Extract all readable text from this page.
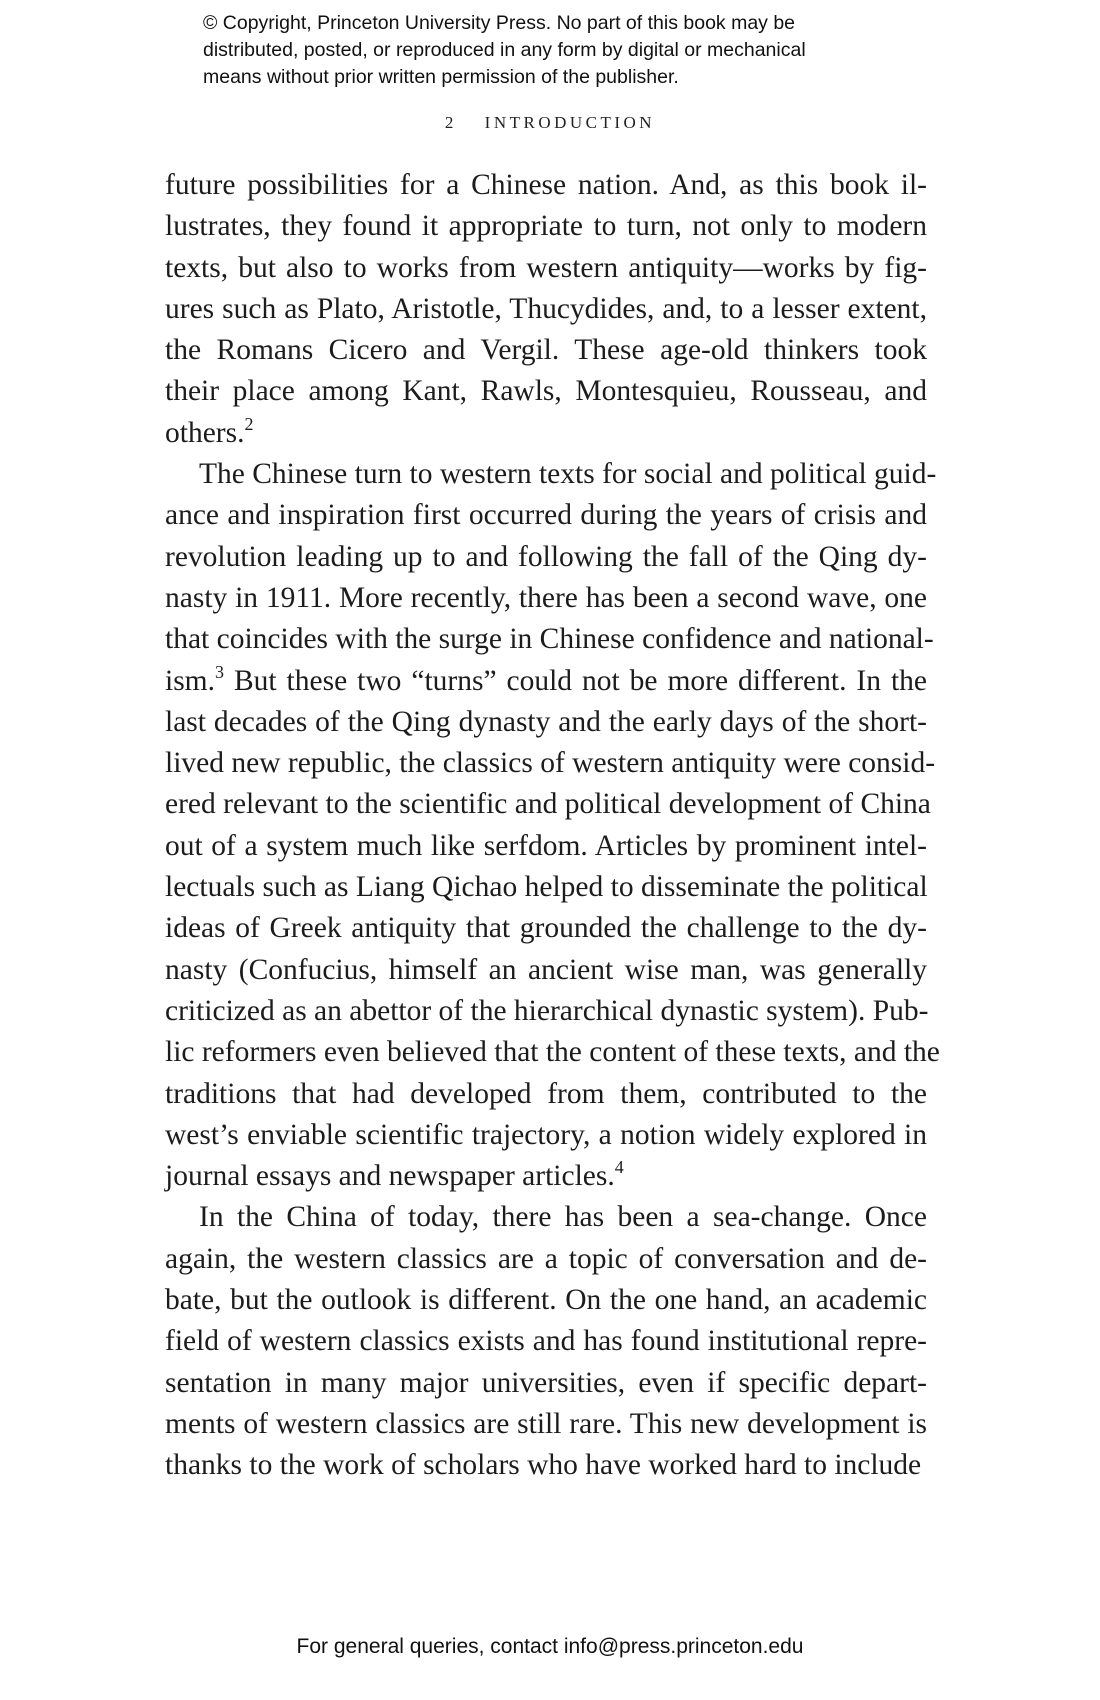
© Copyright, Princeton University Press. No part of this book may be
distributed, posted, or reproduced in any form by digital or mechanical
means without prior written permission of the publisher.
2 INTRODUCTION
future possibilities for a Chinese nation. And, as this book il-
lustrates, they found it appropriate to turn, not only to modern
texts, but also to works from western antiquity—works by fig-
ures such as Plato, Aristotle, Thucydides, and, to a lesser extent,
the Romans Cicero and Vergil. These age-old thinkers took
their place among Kant, Rawls, Montesquieu, Rousseau, and
others.$^2$
The Chinese turn to western texts for social and political guid-
ance and inspiration first occurred during the years of crisis and
revolution leading up to and following the fall of the Qing dy-
nasty in 1911. More recently, there has been a second wave, one
that coincides with the surge in Chinese confidence and national-
ism.$^3$ But these two “turns” could not be more different. In the
last decades of the Qing dynasty and the early days of the short-
lived new republic, the classics of western antiquity were consid-
ered relevant to the scientific and political development of China
out of a system much like serfdom. Articles by prominent intel-
lectuals such as Liang Qichao helped to disseminate the political
ideas of Greek antiquity that grounded the challenge to the dy-
nasty (Confucius, himself an ancient wise man, was generally
criticized as an abettor of the hierarchical dynastic system). Pub-
lic reformers even believed that the content of these texts, and the
traditions that had developed from them, contributed to the
west’s enviable scientific trajectory, a notion widely explored in
journal essays and newspaper articles.$^4$
In the China of today, there has been a sea-change. Once
again, the western classics are a topic of conversation and de-
bate, but the outlook is different. On the one hand, an academic
field of western classics exists and has found institutional repre-
sentation in many major universities, even if specific depart-
ments of western classics are still rare. This new development is
thanks to the work of scholars who have worked hard to include
For general queries, contact info@press.princeton.edu
